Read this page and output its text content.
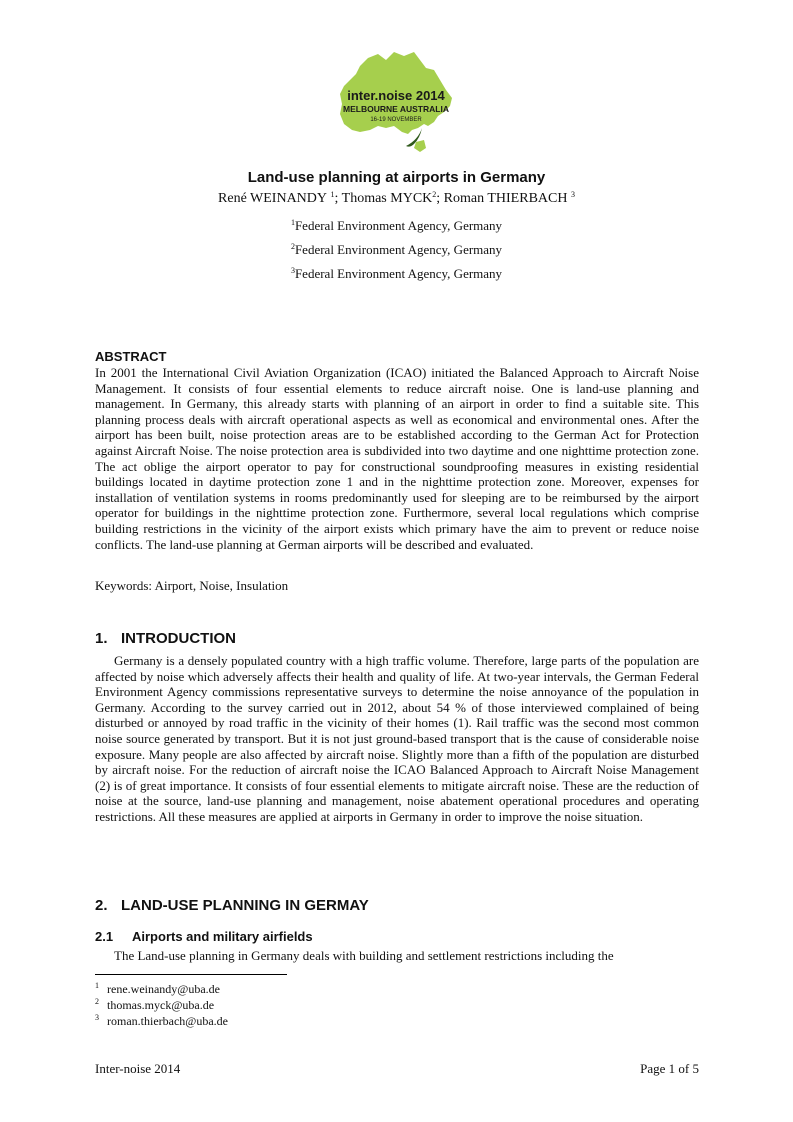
inter.noise 2014
MELBOURNE AUSTRALIA
16-19 NOVEMBER
Land-use planning at airports in Germany
René WEINANDY $^1$; Thomas MYCK$^2$; Roman THIERBACH $^3$
$^1$Federal Environment Agency, Germany
$^2$Federal Environment Agency, Germany
$^3$Federal Environment Agency, Germany
ABSTRACT

In 2001 the International Civil Aviation Organization (ICAO) initiated the Balanced Approach to Aircraft Noise Management. It consists of four essential elements to reduce aircraft noise. One is land-use planning and management. In Germany, this already starts with planning of an airport in order to find a suitable site. This planning process deals with aircraft operational aspects as well as economical and environmental ones. After the airport has been built, noise protection areas are to be established according to the German Act for Protection against Aircraft Noise. The noise protection area is subdivided into two daytime and one nighttime protection zone. The act oblige the airport operator to pay for constructional soundproofing measures in existing residential buildings located in daytime protection zone 1 and in the nighttime protection zone. Moreover, expenses for installation of ventilation systems in rooms predominantly used for sleeping are to be reimbursed by the airport operator for buildings in the nighttime protection zone. Furthermore, several local regulations which comprise building restrictions in the vicinity of the airport exists which primary have the aim to prevent or reduce noise conflicts. The land-use planning at German airports will be described and evaluated.

Keywords: Airport, Noise, Insulation
1. INTRODUCTION

Germany is a densely populated country with a high traffic volume. Therefore, large parts of the population are affected by noise which adversely affects their health and quality of life. At two-year intervals, the German Federal Environment Agency commissions representative surveys to determine the noise annoyance of the population in Germany. According to the survey carried out in 2012, about 54 % of those interviewed complained of being disturbed or annoyed by road traffic in the vicinity of their homes (1). Rail traffic was the second most common noise source generated by transport. But it is not just ground-based transport that is the cause of considerable noise exposure. Many people are also affected by aircraft noise. Slightly more than a fifth of the population are disturbed by aircraft noise. For the reduction of aircraft noise the ICAO Balanced Approach to Aircraft Noise Management (2) is of great importance. It consists of four essential elements to mitigate aircraft noise. These are the reduction of noise at the source, land-use planning and management, noise abatement operational procedures and operating restrictions. All these measures are applied at airports in Germany in order to improve the noise situation.

2. LAND-USE PLANNING IN GERMAY
2.1 Airports and military airfields

The Land-use planning in Germany deals with building and settlement restrictions including the

$^1$ rene.weinandy@uba.de
$^2$ thomas.myck@uba.de
$^3$ roman.thierbach@uba.de
Inter-noise 2014	Page 1 of 5
